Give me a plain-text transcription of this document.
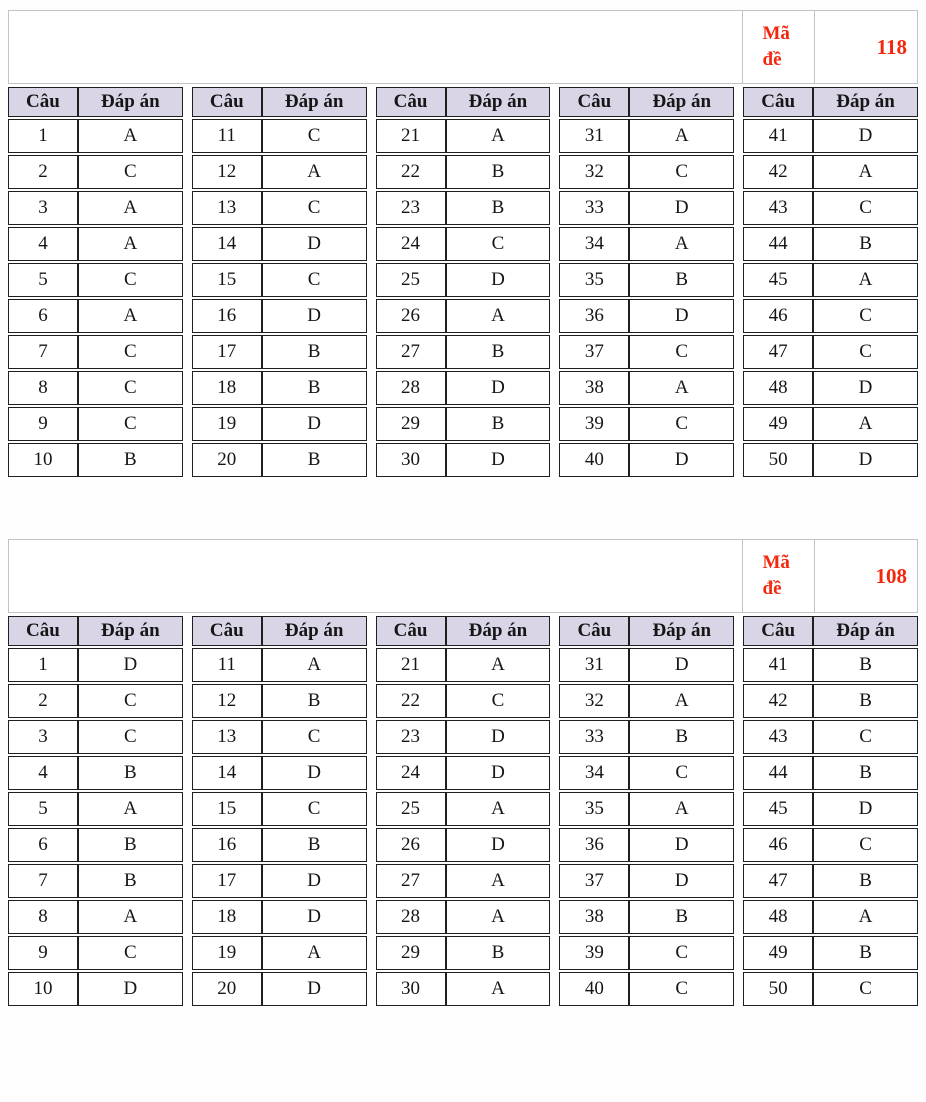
Mã đề
118
Câu	Đáp án
1	A
2	C
3	A
4	A
5	C
6	A
7	C
8	C
9	C
10	B
Câu	Đáp án
11	C
12	A
13	C
14	D
15	C
16	D
17	B
18	B
19	D
20	B
Câu	Đáp án
21	A
22	B
23	B
24	C
25	D
26	A
27	B
28	D
29	B
30	D
Câu	Đáp án
31	A
32	C
33	D
34	A
35	B
36	D
37	C
38	A
39	C
40	D
Câu	Đáp án
41	D
42	A
43	C
44	B
45	A
46	C
47	C
48	D
49	A
50	D
Mã đề
108
Câu	Đáp án
1	D
2	C
3	C
4	B
5	A
6	B
7	B
8	A
9	C
10	D
Câu	Đáp án
11	A
12	B
13	C
14	D
15	C
16	B
17	D
18	D
19	A
20	D
Câu	Đáp án
21	A
22	C
23	D
24	D
25	A
26	D
27	A
28	A
29	B
30	A
Câu	Đáp án
31	D
32	A
33	B
34	C
35	A
36	D
37	D
38	B
39	C
40	C
Câu	Đáp án
41	B
42	B
43	C
44	B
45	D
46	C
47	B
48	A
49	B
50	C
